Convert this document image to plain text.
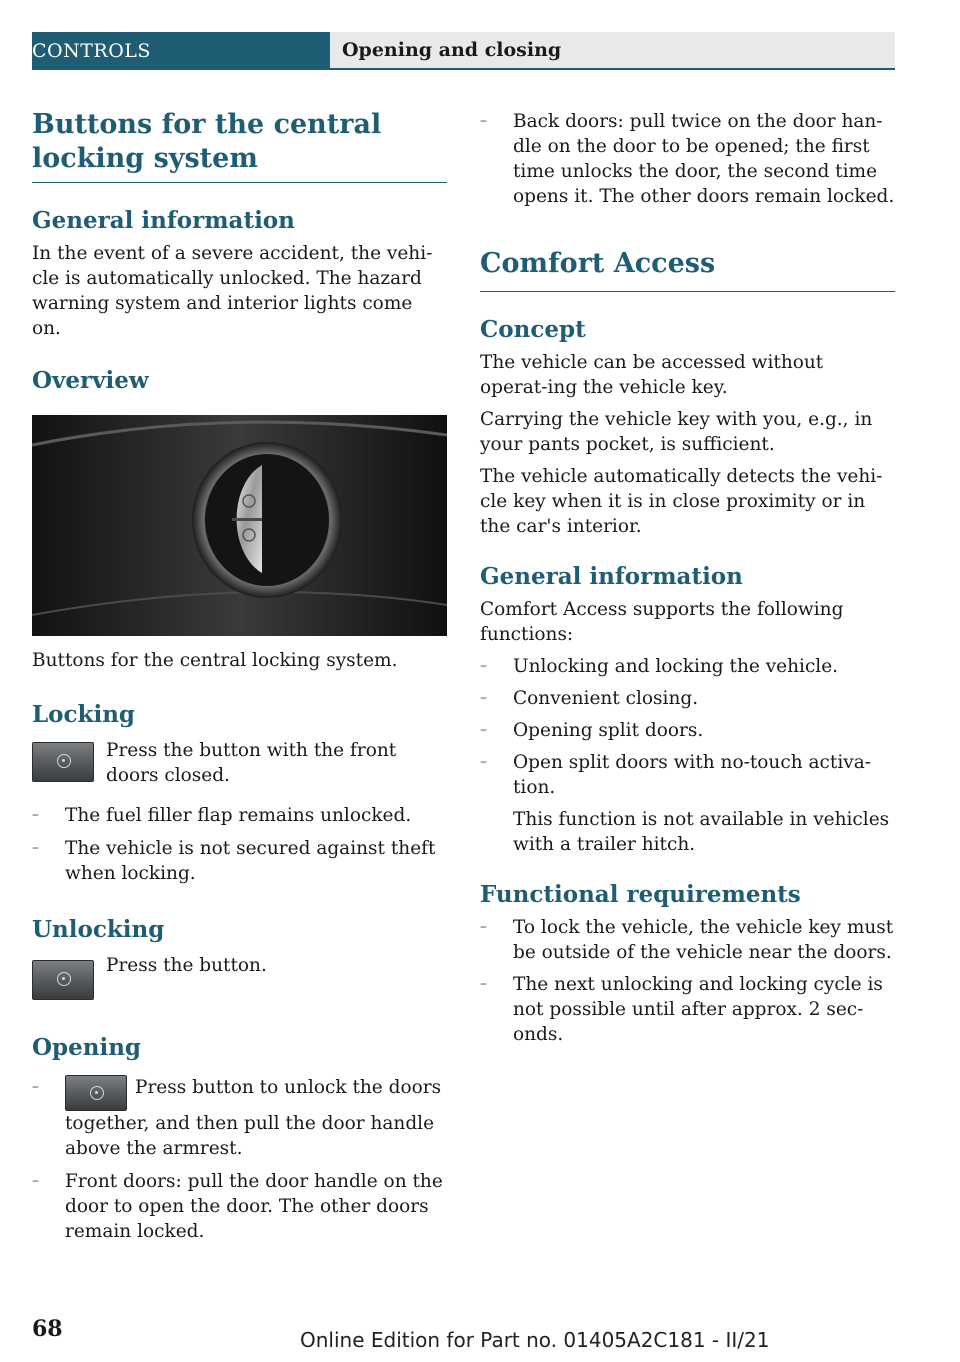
CONTROLS	Opening and closing
Buttons for the central locking system
General information

In the event of a severe accident, the vehi-
cle is automatically unlocked. The hazard
warning system and interior lights come on.

Overview

Buttons for the central locking system.

Locking

Press the button with the front

doors closed.

– The fuel filler flap remains unlocked.
– The vehicle is not secured against theft when locking.
Unlocking

Press the button.

Opening
– Press button to unlock the doors together, and then pull the door handle above the armrest.
– Front doors: pull the door handle on the door to open the door. The other doors remain locked.
– Back doors: pull twice on the door han-dle on the door to be opened; the first time unlocks the door, the second time opens it. The other doors remain locked.
Comfort Access
Concept

The vehicle can be accessed without operat-ing the vehicle key.

Carrying the vehicle key with you, e.g., in your pants pocket, is sufficient.

The vehicle automatically detects the vehi-cle key when it is in close proximity or in the car's interior.

General information

Comfort Access supports the following functions:

– Unlocking and locking the vehicle.
– Convenient closing.
– Opening split doors.
– Open split doors with no-touch activa-tion.

This function is not available in vehicles with a trailer hitch.

Functional requirements
– To lock the vehicle, the vehicle key must be outside of the vehicle near the doors.
– The next unlocking and locking cycle is not possible until after approx. 2 sec-onds.
68	Online Edition for Part no. 01405A2C181 - II/21
